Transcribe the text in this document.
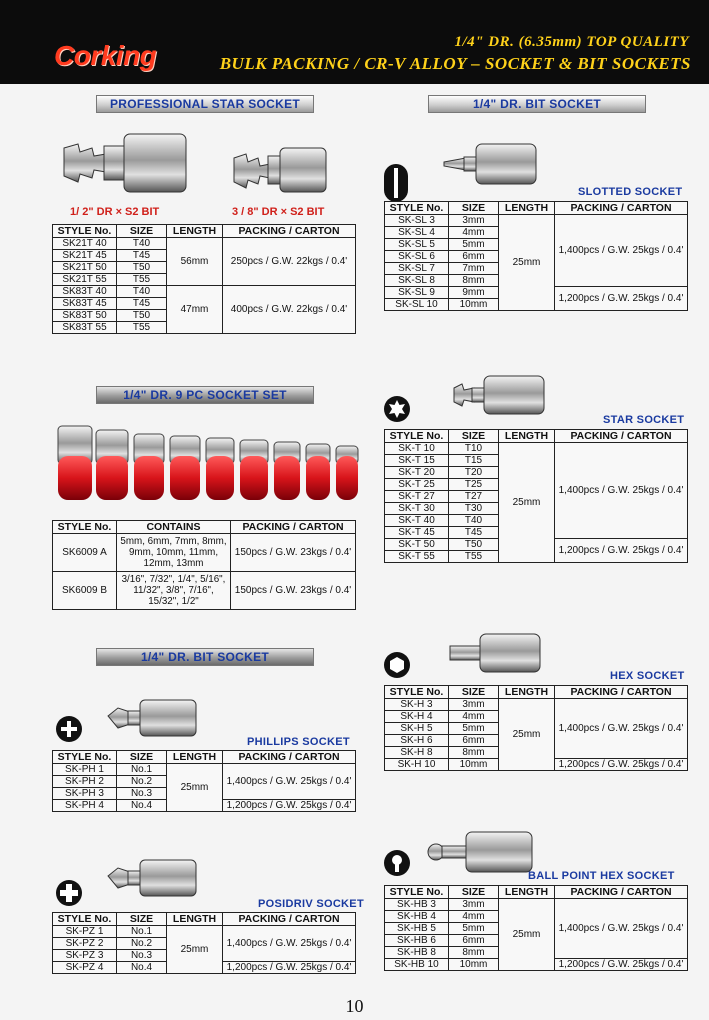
Corking	1/4" DR. (6.35mm) TOP QUALITY
BULK PACKING / CR-V ALLOY – SOCKET & BIT SOCKETS
PROFESSIONAL STAR SOCKET
1/ 2" DR × S2 BIT	3 / 8" DR × S2 BIT
STYLE No.	SIZE	LENGTH	PACKING / CARTON
SK21T 40	T40	56mm	250pcs / G.W. 22kgs / 0.4'
SK21T 45	T45		
SK21T 50	T50		
SK21T 55	T55		
SK83T 40	T40	47mm	400pcs / G.W. 22kgs / 0.4'
SK83T 45	T45		
SK83T 50	T50		
SK83T 55	T55		
1/4" DR. 9 PC SOCKET SET
STYLE No.	CONTAINS	PACKING / CARTON
SK6009 A	5mm, 6mm, 7mm, 8mm, 9mm, 10mm, 11mm, 12mm, 13mm	150pcs / G.W. 23kgs / 0.4'
SK6009 B	3/16", 7/32", 1/4", 5/16", 11/32", 3/8", 7/16", 15/32", 1/2"	150pcs / G.W. 23kgs / 0.4'
1/4" DR. BIT SOCKET
PHILLIPS SOCKET
STYLE No.	SIZE	LENGTH	PACKING / CARTON
SK-PH 1	No.1	25mm	1,400pcs / G.W. 25kgs / 0.4'
SK-PH 2	No.2		
SK-PH 3	No.3		
SK-PH 4	No.4		1,200pcs / G.W. 25kgs / 0.4'
POSIDRIV SOCKET
STYLE No.	SIZE	LENGTH	PACKING / CARTON
SK-PZ 1	No.1	25mm	1,400pcs / G.W. 25kgs / 0.4'
SK-PZ 2	No.2		
SK-PZ 3	No.3		
SK-PZ 4	No.4		1,200pcs / G.W. 25kgs / 0.4'
1/4" DR. BIT SOCKET
SLOTTED SOCKET
STYLE No.	SIZE	LENGTH	PACKING / CARTON
SK-SL 3	3mm	25mm	1,400pcs / G.W. 25kgs / 0.4'
SK-SL 4	4mm		
SK-SL 5	5mm		
SK-SL 6	6mm		
SK-SL 7	7mm		
SK-SL 8	8mm		
SK-SL 9	9mm		1,200pcs / G.W. 25kgs / 0.4'
SK-SL 10	10mm		
STAR SOCKET
STYLE No.	SIZE	LENGTH	PACKING / CARTON
SK-T 10	T10	25mm	1,400pcs / G.W. 25kgs / 0.4'
SK-T 15	T15		
SK-T 20	T20		
SK-T 25	T25		
SK-T 27	T27		
SK-T 30	T30		
SK-T 40	T40		
SK-T 45	T45		
SK-T 50	T50		1,200pcs / G.W. 25kgs / 0.4'
SK-T 55	T55		
HEX SOCKET
STYLE No.	SIZE	LENGTH	PACKING / CARTON
SK-H 3	3mm	25mm	1,400pcs / G.W. 25kgs / 0.4'
SK-H 4	4mm		
SK-H 5	5mm		
SK-H 6	6mm		
SK-H 8	8mm		
SK-H 10	10mm		1,200pcs / G.W. 25kgs / 0.4'
BALL POINT HEX SOCKET
STYLE No.	SIZE	LENGTH	PACKING / CARTON
SK-HB 3	3mm	25mm	1,400pcs / G.W. 25kgs / 0.4'
SK-HB 4	4mm		
SK-HB 5	5mm		
SK-HB 6	6mm		
SK-HB 8	8mm		
SK-HB 10	10mm		1,200pcs / G.W. 25kgs / 0.4'
10
